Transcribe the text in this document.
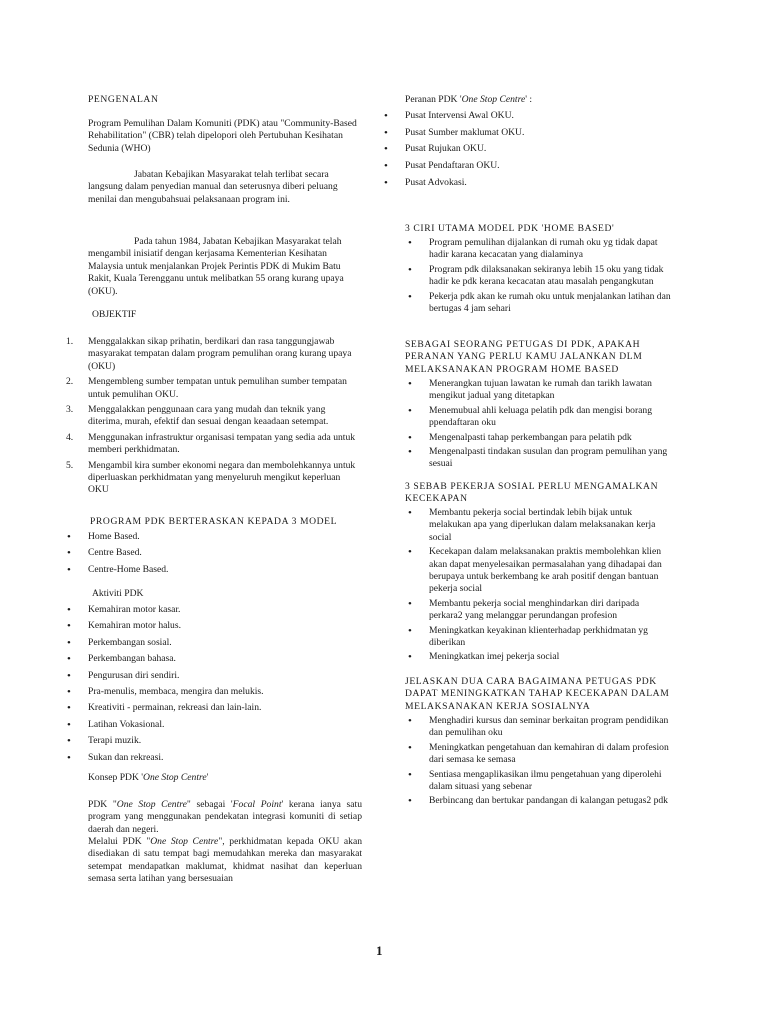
PENGENALAN

Program Pemulihan Dalam Komuniti (PDK) atau "Community-Based Rehabilitation" (CBR) telah dipelopori oleh Pertubuhan Kesihatan Sedunia (WHO)

Jabatan Kebajikan Masyarakat telah terlibat secara langsung dalam penyedian manual dan seterusnya diberi peluang menilai dan mengubahsuai pelaksanaan program ini.

Pada tahun 1984, Jabatan Kebajikan Masyarakat telah mengambil inisiatif dengan kerjasama Kementerian Kesihatan Malaysia untuk menjalankan Projek Perintis PDK di Mukim Batu Rakit, Kuala Terengganu untuk melibatkan 55 orang kurang upaya (OKU).

OBJEKTIF

1. Menggalakkan sikap prihatin, berdikari dan rasa tanggungjawab masyarakat tempatan dalam program pemulihan orang kurang upaya (OKU)
2. Mengembleng sumber tempatan untuk pemulihan sumber tempatan untuk pemulihan OKU.
3. Menggalakkan penggunaan cara yang mudah dan teknik yang diterima, murah, efektif dan sesuai dengan keaadaan setempat.
4. Menggunakan infrastruktur organisasi tempatan yang sedia ada untuk memberi perkhidmatan.
5. Mengambil kira sumber ekonomi negara dan membolehkannya untuk diperluaskan perkhidmatan yang menyeluruh mengikut keperluan OKU

PROGRAM PDK BERTERASKAN KEPADA 3 MODEL

• Home Based.
• Centre Based.
• Centre-Home Based.

Aktiviti PDK

• Kemahiran motor kasar.
• Kemahiran motor halus.
• Perkembangan sosial.
• Perkembangan bahasa.
• Pengurusan diri sendiri.
• Pra-menulis, membaca, mengira dan melukis.
• Kreativiti - permainan, rekreasi dan lain-lain.
• Latihan Vokasional.
• Terapi muzik.
• Sukan dan rekreasi.

Konsep PDK 'One Stop Centre'

PDK "One Stop Centre" sebagai 'Focal Point' kerana ianya satu program yang menggunakan pendekatan integrasi komuniti di setiap daerah dan negeri.

Melalui PDK "One Stop Centre", perkhidmatan kepada OKU akan disediakan di satu tempat bagi memudahkan mereka dan masyarakat setempat mendapatkan maklumat, khidmat nasihat dan keperluan semasa serta latihan yang bersesuaian

Peranan PDK 'One Stop Centre' :

• Pusat Intervensi Awal OKU.
• Pusat Sumber maklumat OKU.
• Pusat Rujukan OKU.
• Pusat Pendaftaran OKU.
• Pusat Advokasi.

3 CIRI UTAMA MODEL PDK 'HOME BASED'

• Program pemulihan dijalankan di rumah oku yg tidak dapat hadir karana kecacatan yang dialaminya
• Program pdk dilaksanakan sekiranya lebih 15 oku yang tidak hadir ke pdk kerana kecacatan atau masalah pengangkutan
• Pekerja pdk akan ke rumah oku untuk menjalankan latihan dan bertugas 4 jam sehari

SEBAGAI SEORANG PETUGAS DI PDK, APAKAH PERANAN YANG PERLU KAMU JALANKAN DLM MELAKSANAKAN PROGRAM HOME BASED

• Menerangkan tujuan lawatan ke rumah dan tarikh lawatan mengikut jadual yang ditetapkan
• Menemubual ahli keluaga pelatih pdk dan mengisi borang ppendaftaran oku
• Mengenalpasti tahap perkembangan para pelatih pdk
• Mengenalpasti tindakan susulan dan program pemulihan yang sesuai

3 SEBAB PEKERJA SOSIAL PERLU MENGAMALKAN KECEKAPAN

• Membantu pekerja social bertindak lebih bijak untuk melakukan apa yang diperlukan dalam melaksanakan kerja social
• Kecekapan dalam melaksanakan praktis membolehkan klien akan dapat menyelesaikan permasalahan yang dihadapai dan berupaya untuk berkembang ke arah positif dengan bantuan pekerja social
• Membantu pekerja social menghindarkan diri daripada perkara2 yang melanggar perundangan profesion
• Meningkatkan keyakinan klienterhadap perkhidmatan yg diberikan
• Meningkatkan imej pekerja social

JELASKAN DUA CARA BAGAIMANA PETUGAS PDK DAPAT MENINGKATKAN TAHAP KECEKAPAN DALAM MELAKSANAKAN KERJA SOSIALNYA

• Menghadiri kursus dan seminar berkaitan program pendidikan dan pemulihan oku
• Meningkatkan pengetahuan dan kemahiran di dalam profesion dari semasa ke semasa
• Sentiasa mengaplikasikan ilmu pengetahuan yang diperolehi dalam situasi yang sebenar
• Berbincang dan bertukar pandangan di kalangan petugas2 pdk
1
